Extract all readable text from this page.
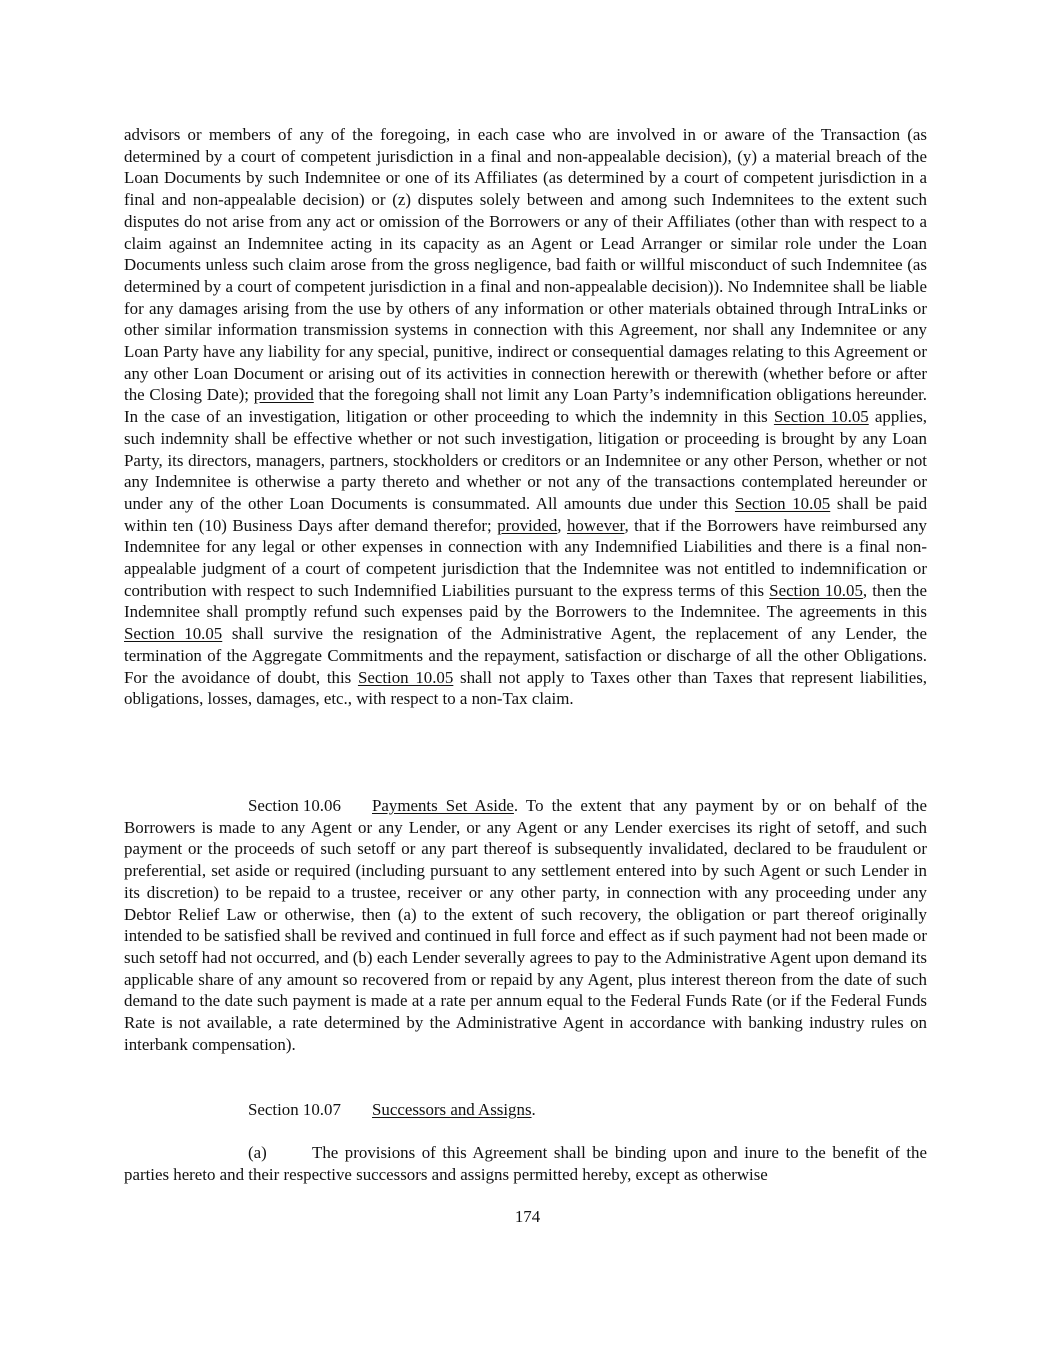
advisors or members of any of the foregoing, in each case who are involved in or aware of the Transaction (as determined by a court of competent jurisdiction in a final and non-appealable decision), (y) a material breach of the Loan Documents by such Indemnitee or one of its Affiliates (as determined by a court of competent jurisdiction in a final and non-appealable decision) or (z) disputes solely between and among such Indemnitees to the extent such disputes do not arise from any act or omission of the Borrowers or any of their Affiliates (other than with respect to a claim against an Indemnitee acting in its capacity as an Agent or Lead Arranger or similar role under the Loan Documents unless such claim arose from the gross negligence, bad faith or willful misconduct of such Indemnitee (as determined by a court of competent jurisdiction in a final and non-appealable decision)). No Indemnitee shall be liable for any damages arising from the use by others of any information or other materials obtained through IntraLinks or other similar information transmission systems in connection with this Agreement, nor shall any Indemnitee or any Loan Party have any liability for any special, punitive, indirect or consequential damages relating to this Agreement or any other Loan Document or arising out of its activities in connection herewith or therewith (whether before or after the Closing Date); provided that the foregoing shall not limit any Loan Party’s indemnification obligations hereunder. In the case of an investigation, litigation or other proceeding to which the indemnity in this Section 10.05 applies, such indemnity shall be effective whether or not such investigation, litigation or proceeding is brought by any Loan Party, its directors, managers, partners, stockholders or creditors or an Indemnitee or any other Person, whether or not any Indemnitee is otherwise a party thereto and whether or not any of the transactions contemplated hereunder or under any of the other Loan Documents is consummated. All amounts due under this Section 10.05 shall be paid within ten (10) Business Days after demand therefor; provided, however, that if the Borrowers have reimbursed any Indemnitee for any legal or other expenses in connection with any Indemnified Liabilities and there is a final non-appealable judgment of a court of competent jurisdiction that the Indemnitee was not entitled to indemnification or contribution with respect to such Indemnified Liabilities pursuant to the express terms of this Section 10.05, then the Indemnitee shall promptly refund such expenses paid by the Borrowers to the Indemnitee. The agreements in this Section 10.05 shall survive the resignation of the Administrative Agent, the replacement of any Lender, the termination of the Aggregate Commitments and the repayment, satisfaction or discharge of all the other Obligations. For the avoidance of doubt, this Section 10.05 shall not apply to Taxes other than Taxes that represent liabilities, obligations, losses, damages, etc., with respect to a non-Tax claim.

Section 10.06 Payments Set Aside. To the extent that any payment by or on behalf of the Borrowers is made to any Agent or any Lender, or any Agent or any Lender exercises its right of setoff, and such payment or the proceeds of such setoff or any part thereof is subsequently invalidated, declared to be fraudulent or preferential, set aside or required (including pursuant to any settlement entered into by such Agent or such Lender in its discretion) to be repaid to a trustee, receiver or any other party, in connection with any proceeding under any Debtor Relief Law or otherwise, then (a) to the extent of such recovery, the obligation or part thereof originally intended to be satisfied shall be revived and continued in full force and effect as if such payment had not been made or such setoff had not occurred, and (b) each Lender severally agrees to pay to the Administrative Agent upon demand its applicable share of any amount so recovered from or repaid by any Agent, plus interest thereon from the date of such demand to the date such payment is made at a rate per annum equal to the Federal Funds Rate (or if the Federal Funds Rate is not available, a rate determined by the Administrative Agent in accordance with banking industry rules on interbank compensation).

Section 10.07 Successors and Assigns.

(a)	The provisions of this Agreement shall be binding upon and inure to the benefit of the parties hereto and their respective successors and assigns permitted hereby, except as otherwise

174
